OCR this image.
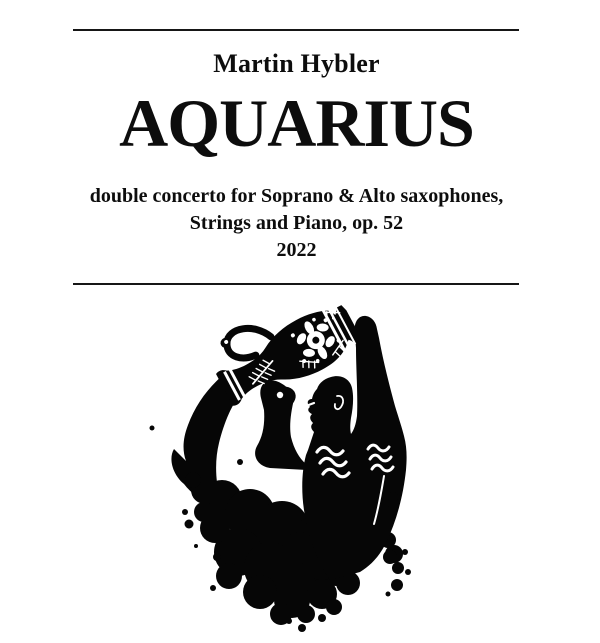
Martin Hybler
AQUARIUS
double concerto for Soprano & Alto saxophones,
Strings and Piano, op. 52
2022
